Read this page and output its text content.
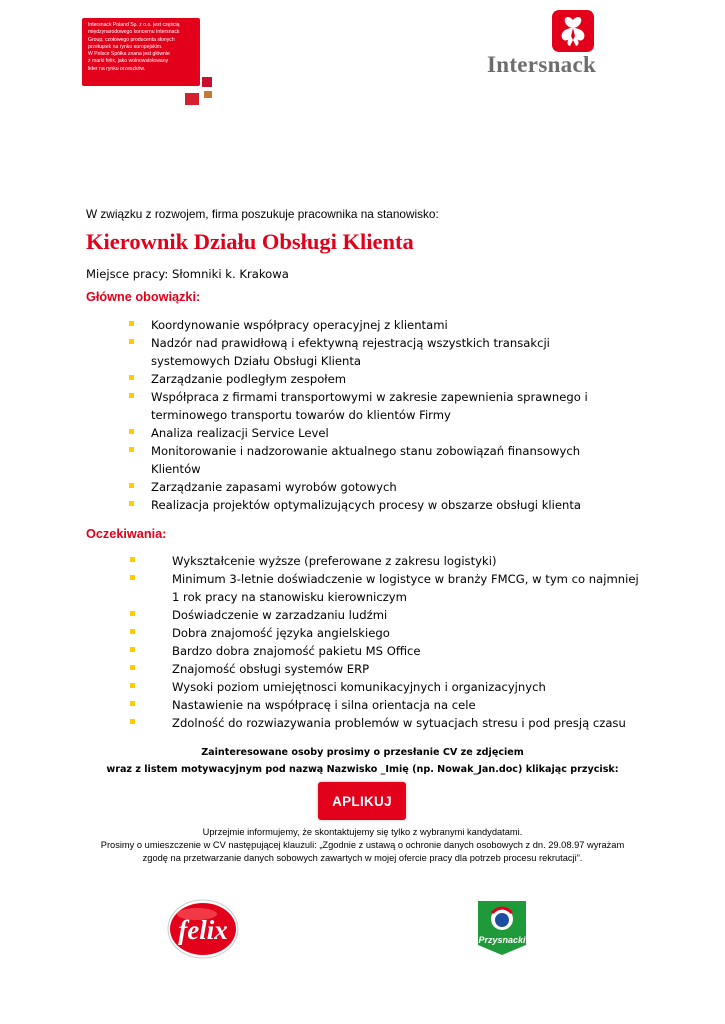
Intersnack Poland Sp. z o.o. jest częścią

międzynarodowego koncernu Intersnack

Group, czołowego producenta słonych

przekąsek na rynku europejskim.

W Polsce Spółka znana jest głównie

z marki felix, jako wolnowstołowany

lider na rynku orzeszków.	Intersnack
W związku z rozwojem, firma poszukuje pracownika na stanowisko:
Kierownik Działu Obsługi Klienta
Miejsce pracy: Słomniki k. Krakowa
Główne obowiązki:
Koordynowanie współpracy operacyjnej z klientami
Nadzór nad prawidłową i efektywną rejestracją wszystkich transakcji systemowych Działu Obsługi Klienta
Zarządzanie podległym zespołem
Współpraca z firmami transportowymi w zakresie zapewnienia sprawnego i terminowego transportu towarów do klientów Firmy
Analiza realizacji Service Level
Monitorowanie i nadzorowanie aktualnego stanu zobowiązań finansowych Klientów
Zarządzanie zapasami wyrobów gotowych
Realizacja projektów optymalizujących procesy w obszarze obsługi klienta
Oczekiwania:
Wykształcenie wyższe (preferowane z zakresu logistyki)
Minimum 3-letnie doświadczenie w logistyce w branży FMCG, w tym co najmniej 1 rok pracy na stanowisku kierowniczym
Doświadczenie w zarzadzaniu ludźmi
Dobra znajomość języka angielskiego
Bardzo dobra znajomość pakietu MS Office
Znajomość obsługi systemów ERP
Wysoki poziom umiejętnosci komunikacyjnych i organizacyjnych
Nastawienie na współpracę i silna orientacja na cele
Zdolność do rozwiazywania problemów w sytuacjach stresu i pod presją czasu
Zainteresowane osoby prosimy o przesłanie CV ze zdjęciem
wraz z listem motywacyjnym pod nazwą Nazwisko _Imię (np. Nowak_Jan.doc) klikając przycisk:
APLIKUJ
Uprzejmie informujemy, że skontaktujemy się tylko z wybranymi kandydatami.
Prosimy o umieszczenie w CV następującej klauzuli: „Zgodnie z ustawą o ochronie danych osobowych z dn. 29.08.97 wyrażam
zgodę na przetwarzanie danych sobowych zawartych w mojej ofercie pracy dla potrzeb procesu rekrutacji”.
felix	Przysnacki
